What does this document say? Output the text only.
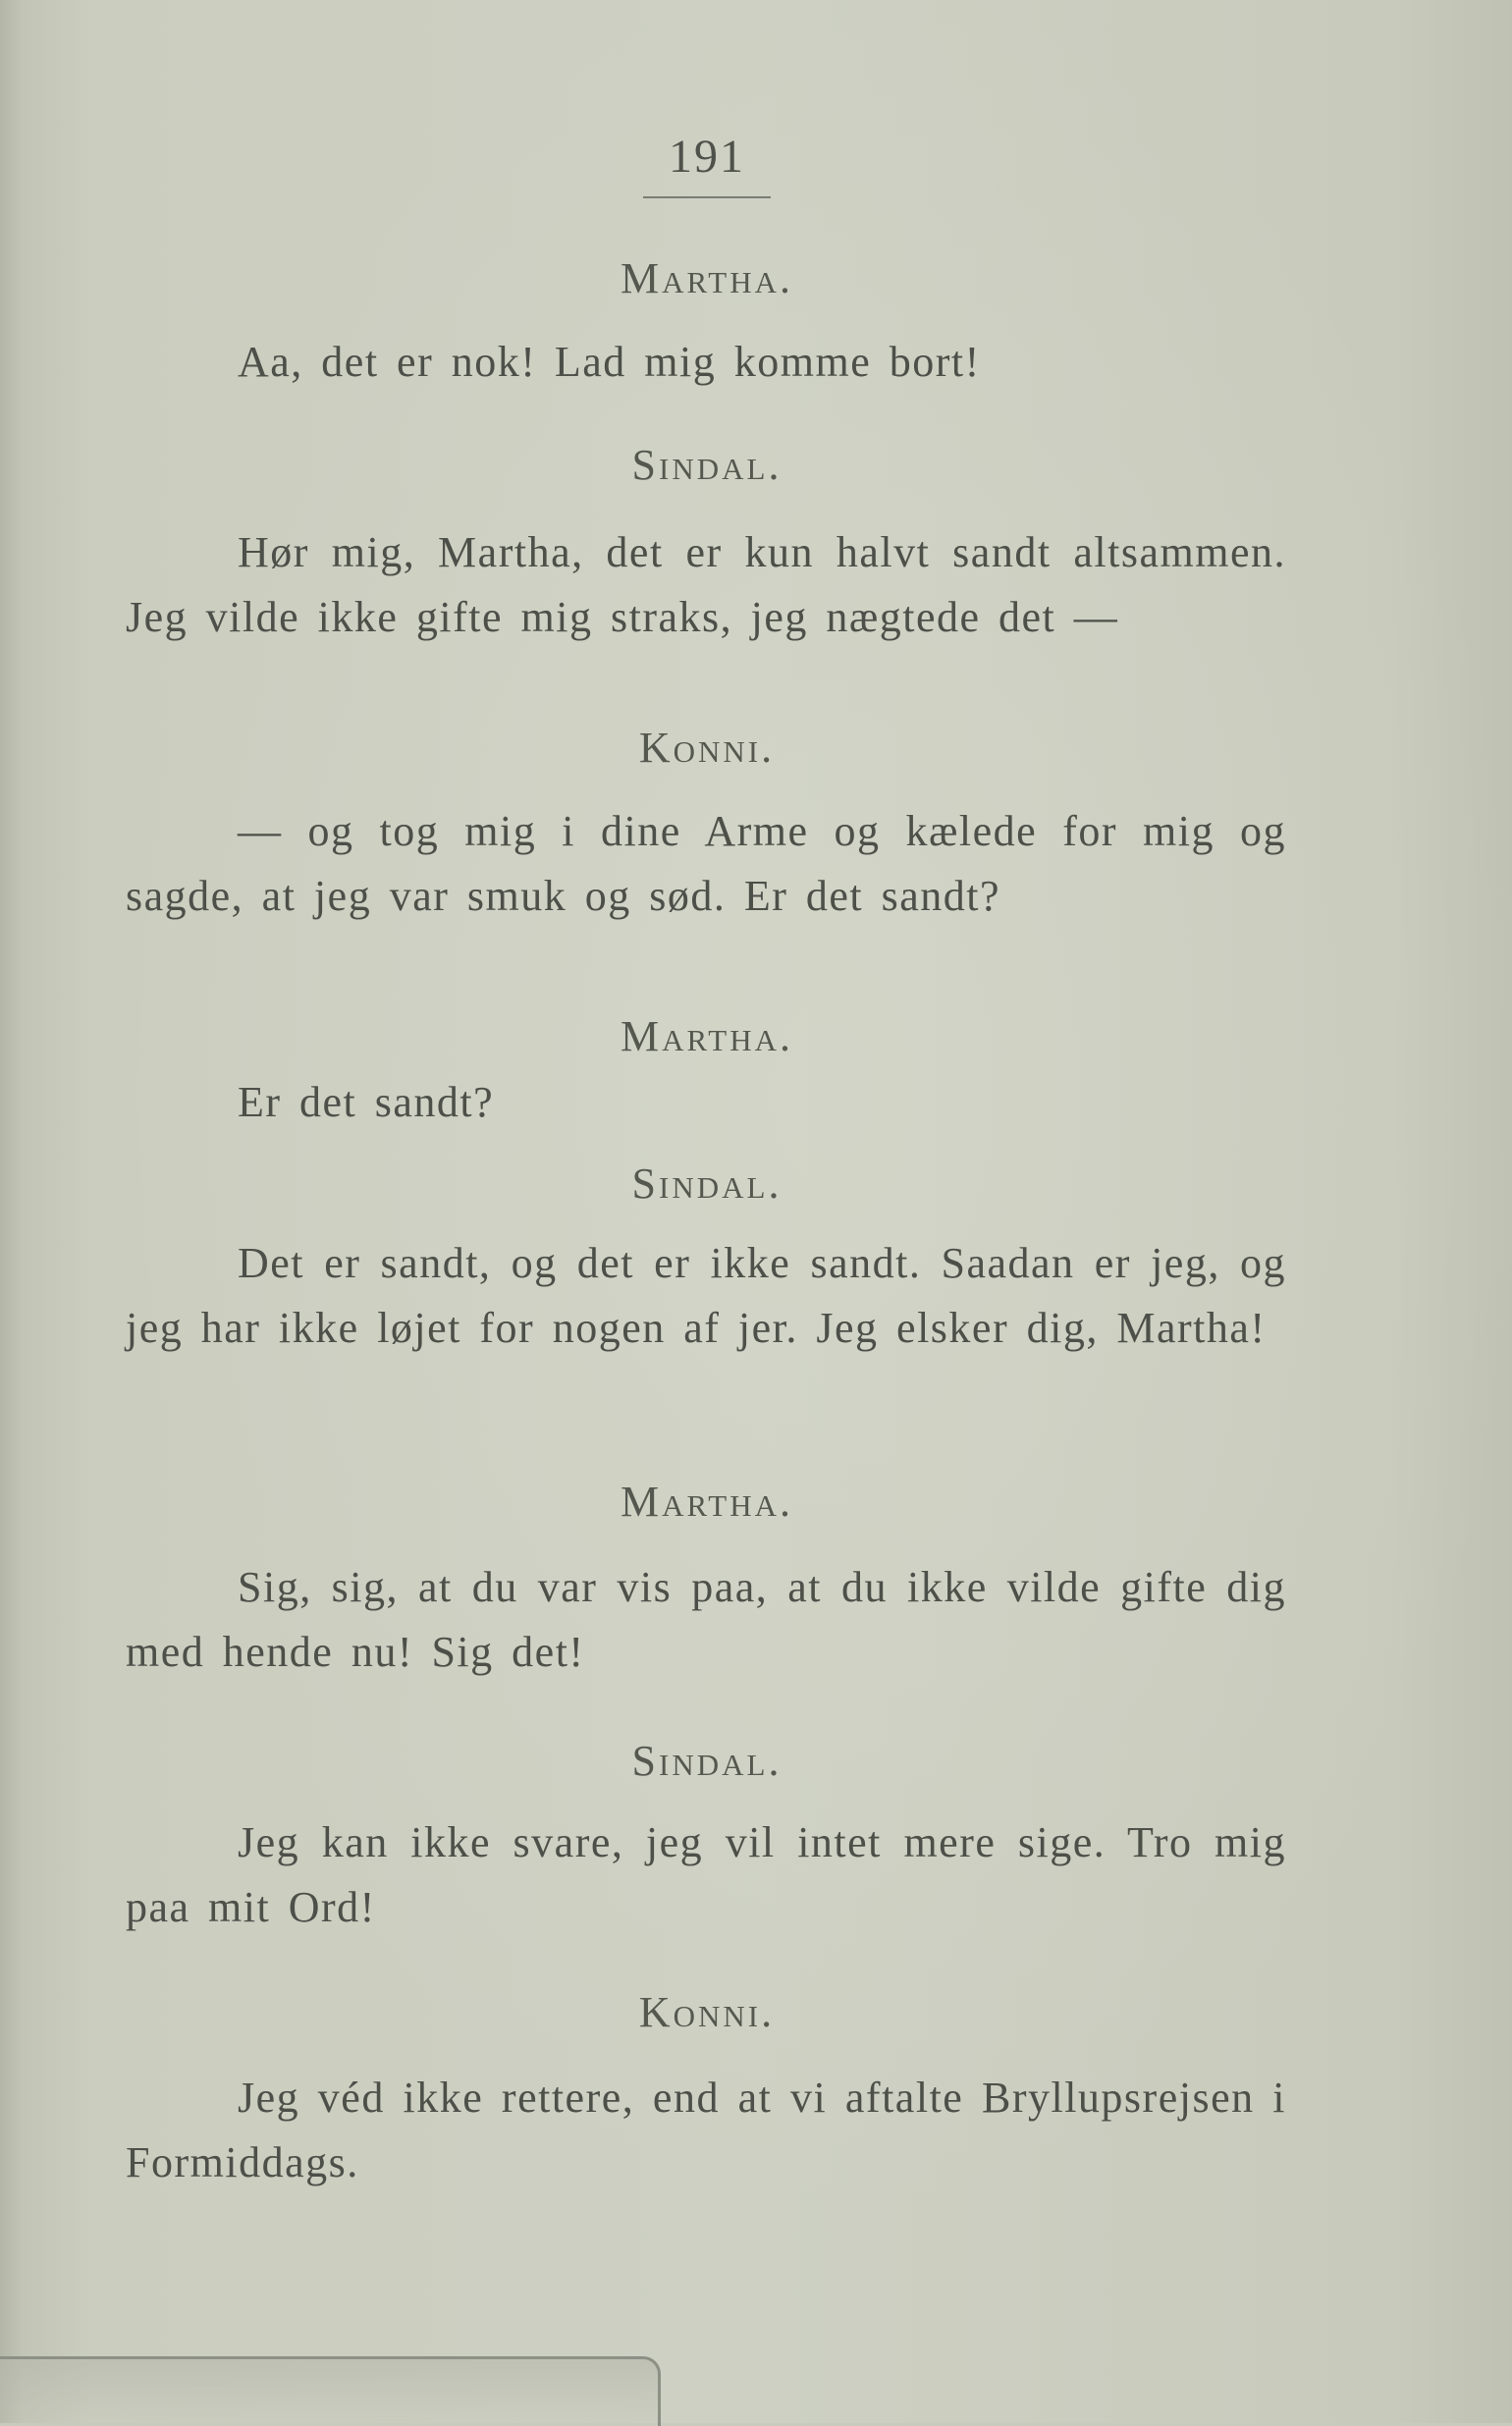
191
Martha.
Aa, det er nok! Lad mig komme bort!
Sindal.
Hør mig, Martha, det er kun halvt sandt altsammen. Jeg vilde ikke gifte mig straks, jeg nægtede det —
Konni.
— og tog mig i dine Arme og kælede for mig og sagde, at jeg var smuk og sød. Er det sandt?
Martha.
Er det sandt?
Sindal.
Det er sandt, og det er ikke sandt. Saadan er jeg, og jeg har ikke løjet for nogen af jer. Jeg elsker dig, Martha!
Martha.
Sig, sig, at du var vis paa, at du ikke vilde gifte dig med hende nu! Sig det!
Sindal.
Jeg kan ikke svare, jeg vil intet mere sige. Tro mig paa mit Ord!
Konni.
Jeg véd ikke rettere, end at vi aftalte Bryllupsrejsen i Formiddags.
